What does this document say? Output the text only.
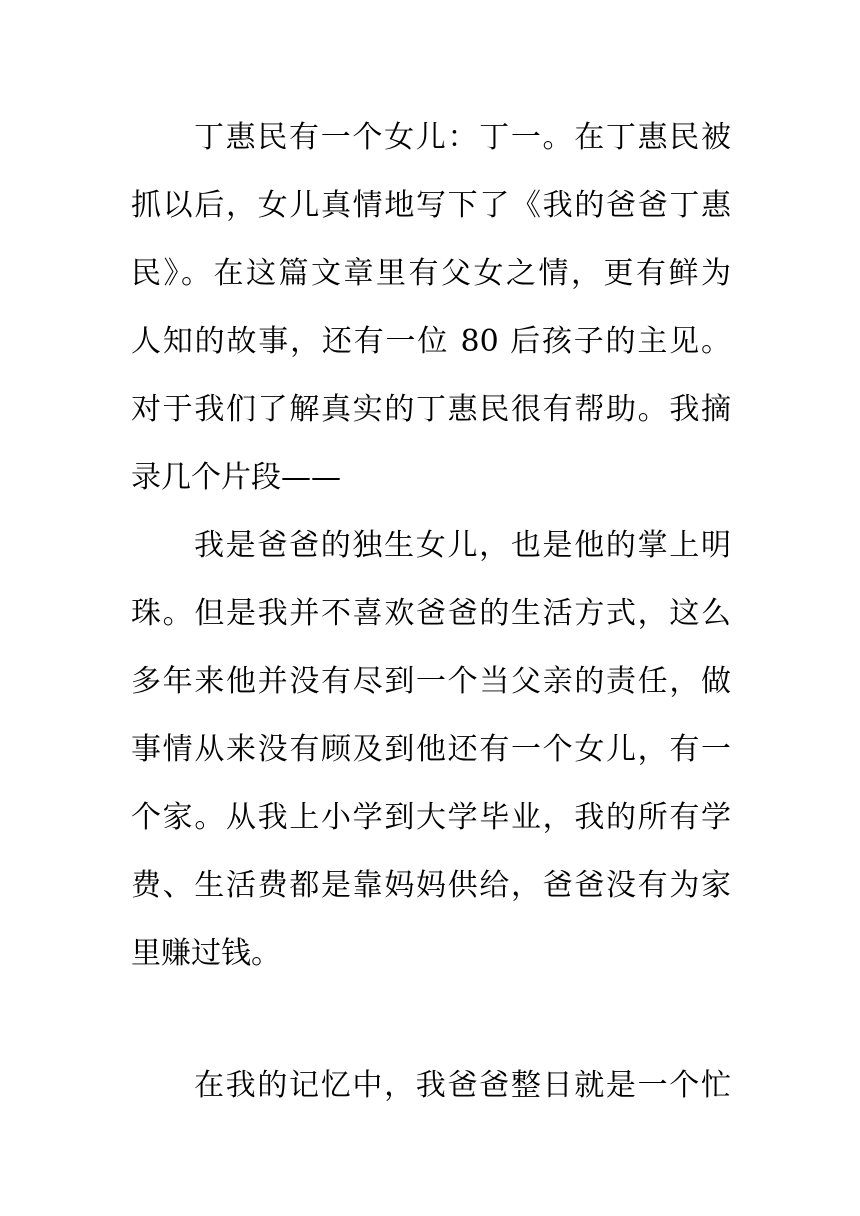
丁惠民有一个女儿：丁一。在丁惠民被
抓以后，女儿真情地写下了《我的爸爸丁惠
民》。在这篇文章里有父女之情，更有鲜为
人知的故事，还有一位 80 后孩子的主见。
对于我们了解真实的丁惠民很有帮助。我摘
录几个片段——
我是爸爸的独生女儿，也是他的掌上明
珠。但是我并不喜欢爸爸的生活方式，这么
多年来他并没有尽到一个当父亲的责任，做
事情从来没有顾及到他还有一个女儿，有一
个家。从我上小学到大学毕业，我的所有学
费、生活费都是靠妈妈供给，爸爸没有为家
里赚过钱。
在我的记忆中，我爸爸整日就是一个忙
